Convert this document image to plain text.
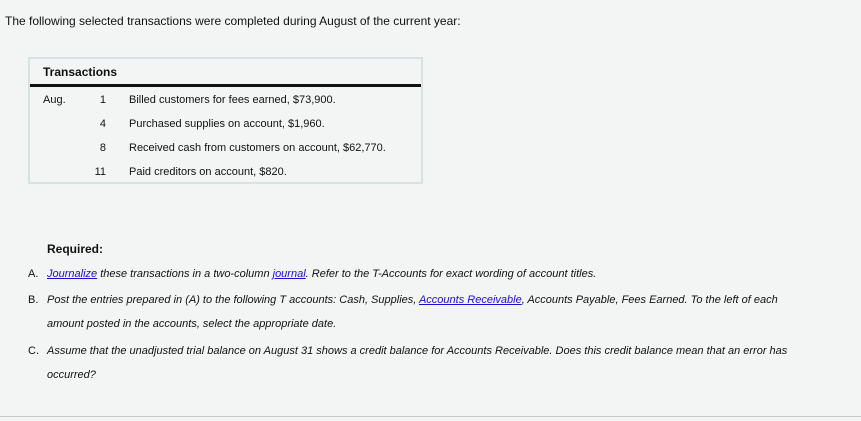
The following selected transactions were completed during August of the current year:
Transactions
Aug.	1 Billed customers for fees earned, $73,900.
4 Purchased supplies on account, $1,960.
8 Received cash from customers on account, $62,770.
11 Paid creditors on account, $820.
Required:
A. Journalize these transactions in a two-column journal. Refer to the T-Accounts for exact wording of account titles.
B. Post the entries prepared in (A) to the following T accounts: Cash, Supplies, Accounts Receivable, Accounts Payable, Fees Earned. To the left of each amount posted in the accounts, select the appropriate date.
C. Assume that the unadjusted trial balance on August 31 shows a credit balance for Accounts Receivable. Does this credit balance mean that an error has occurred?
